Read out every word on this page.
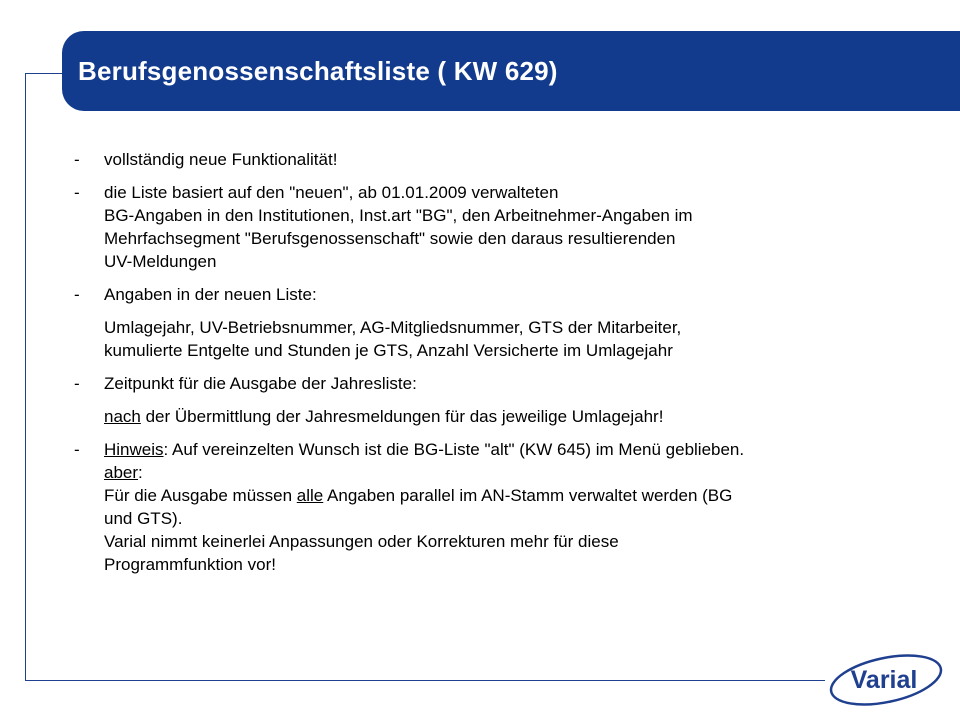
Berufsgenossenschaftsliste ( KW 629)
- vollständig neue Funktionalität!
- die Liste basiert auf den "neuen", ab 01.01.2009 verwalteten
BG-Angaben in den Institutionen, Inst.art "BG", den Arbeitnehmer-Angaben im
Mehrfachsegment "Berufsgenossenschaft" sowie den daraus resultierenden
UV-Meldungen
- Angaben in der neuen Liste:
Umlagejahr, UV-Betriebsnummer, AG-Mitgliedsnummer, GTS der Mitarbeiter,
kumulierte Entgelte und Stunden je GTS, Anzahl Versicherte im Umlagejahr
- Zeitpunkt für die Ausgabe der Jahresliste:
nach der Übermittlung der Jahresmeldungen für das jeweilige Umlagejahr!
- Hinweis: Auf vereinzelten Wunsch ist die BG-Liste "alt" (KW 645) im Menü geblieben.
aber:
Für die Ausgabe müssen alle Angaben parallel im AN-Stamm verwaltet werden (BG
und GTS).
Varial nimmt keinerlei Anpassungen oder Korrekturen mehr für diese
Programmfunktion vor!
Varial
